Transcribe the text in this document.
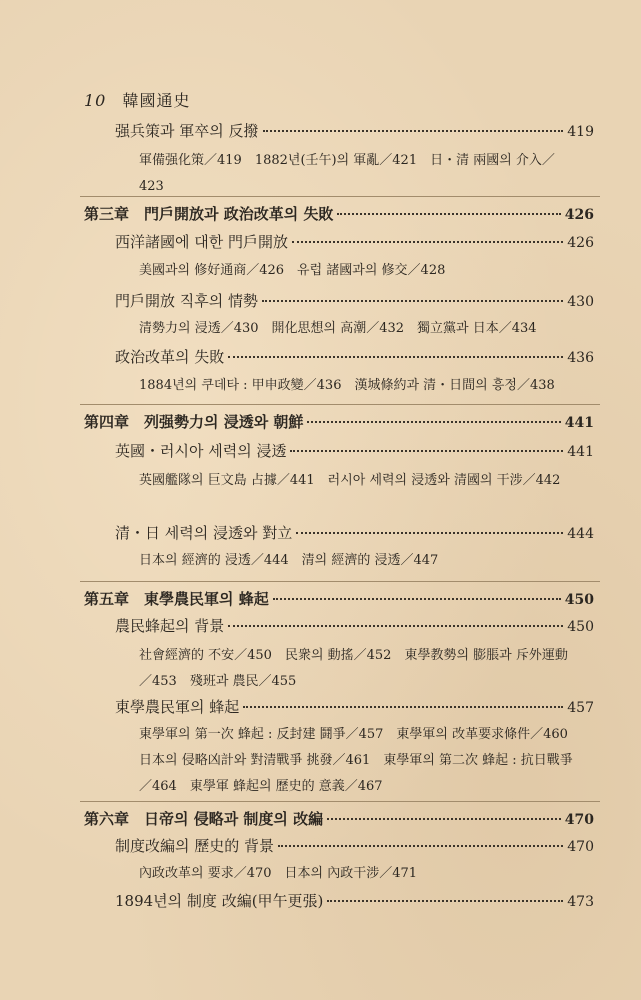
10 韓國通史
强兵策과 軍卒의 反撥	419
軍備强化策／419　1882년(壬午)의 軍亂／421　日・清 兩國의 介入／423
第三章　門戶開放과 政治改革의 失敗	426
西洋諸國에 대한 門戶開放	426
美國과의 修好通商／426　유럽 諸國과의 修交／428
門戶開放 직후의 情勢	430
清勢力의 浸透／430　開化思想의 高潮／432　獨立黨과 日本／434
政治改革의 失敗	436
1884년의 쿠데타 : 甲申政變／436　漢城條約과 清・日間의 흥정／438
第四章　列强勢力의 浸透와 朝鮮	441
英國・러시아 세력의 浸透	441
英國艦隊의 巨文島 占據／441　러시아 세력의 浸透와 清國의 干涉／442
清・日 세력의 浸透와 對立	444
日本의 經濟的 浸透／444　清의 經濟的 浸透／447
第五章　東學農民軍의 蜂起	450
農民蜂起의 背景	450
社會經濟的 不安／450　民衆의 動搖／452　東學教勢의 膨脹과 斥外運動／453　殘班과 農民／455
東學農民軍의 蜂起	457
東學軍의 第一次 蜂起 : 反封建 鬪爭／457　東學軍의 改革要求條件／460　日本의 侵略凶計와 對清戰爭 挑發／461　東學軍의 第二次 蜂起 : 抗日戰爭／464　東學軍 蜂起의 歷史的 意義／467
第六章　日帝의 侵略과 制度의 改編	470
制度改編의 歷史的 背景	470
內政改革의 要求／470　日本의 內政干涉／471
1894년의 制度 改編(甲午更張)	473
